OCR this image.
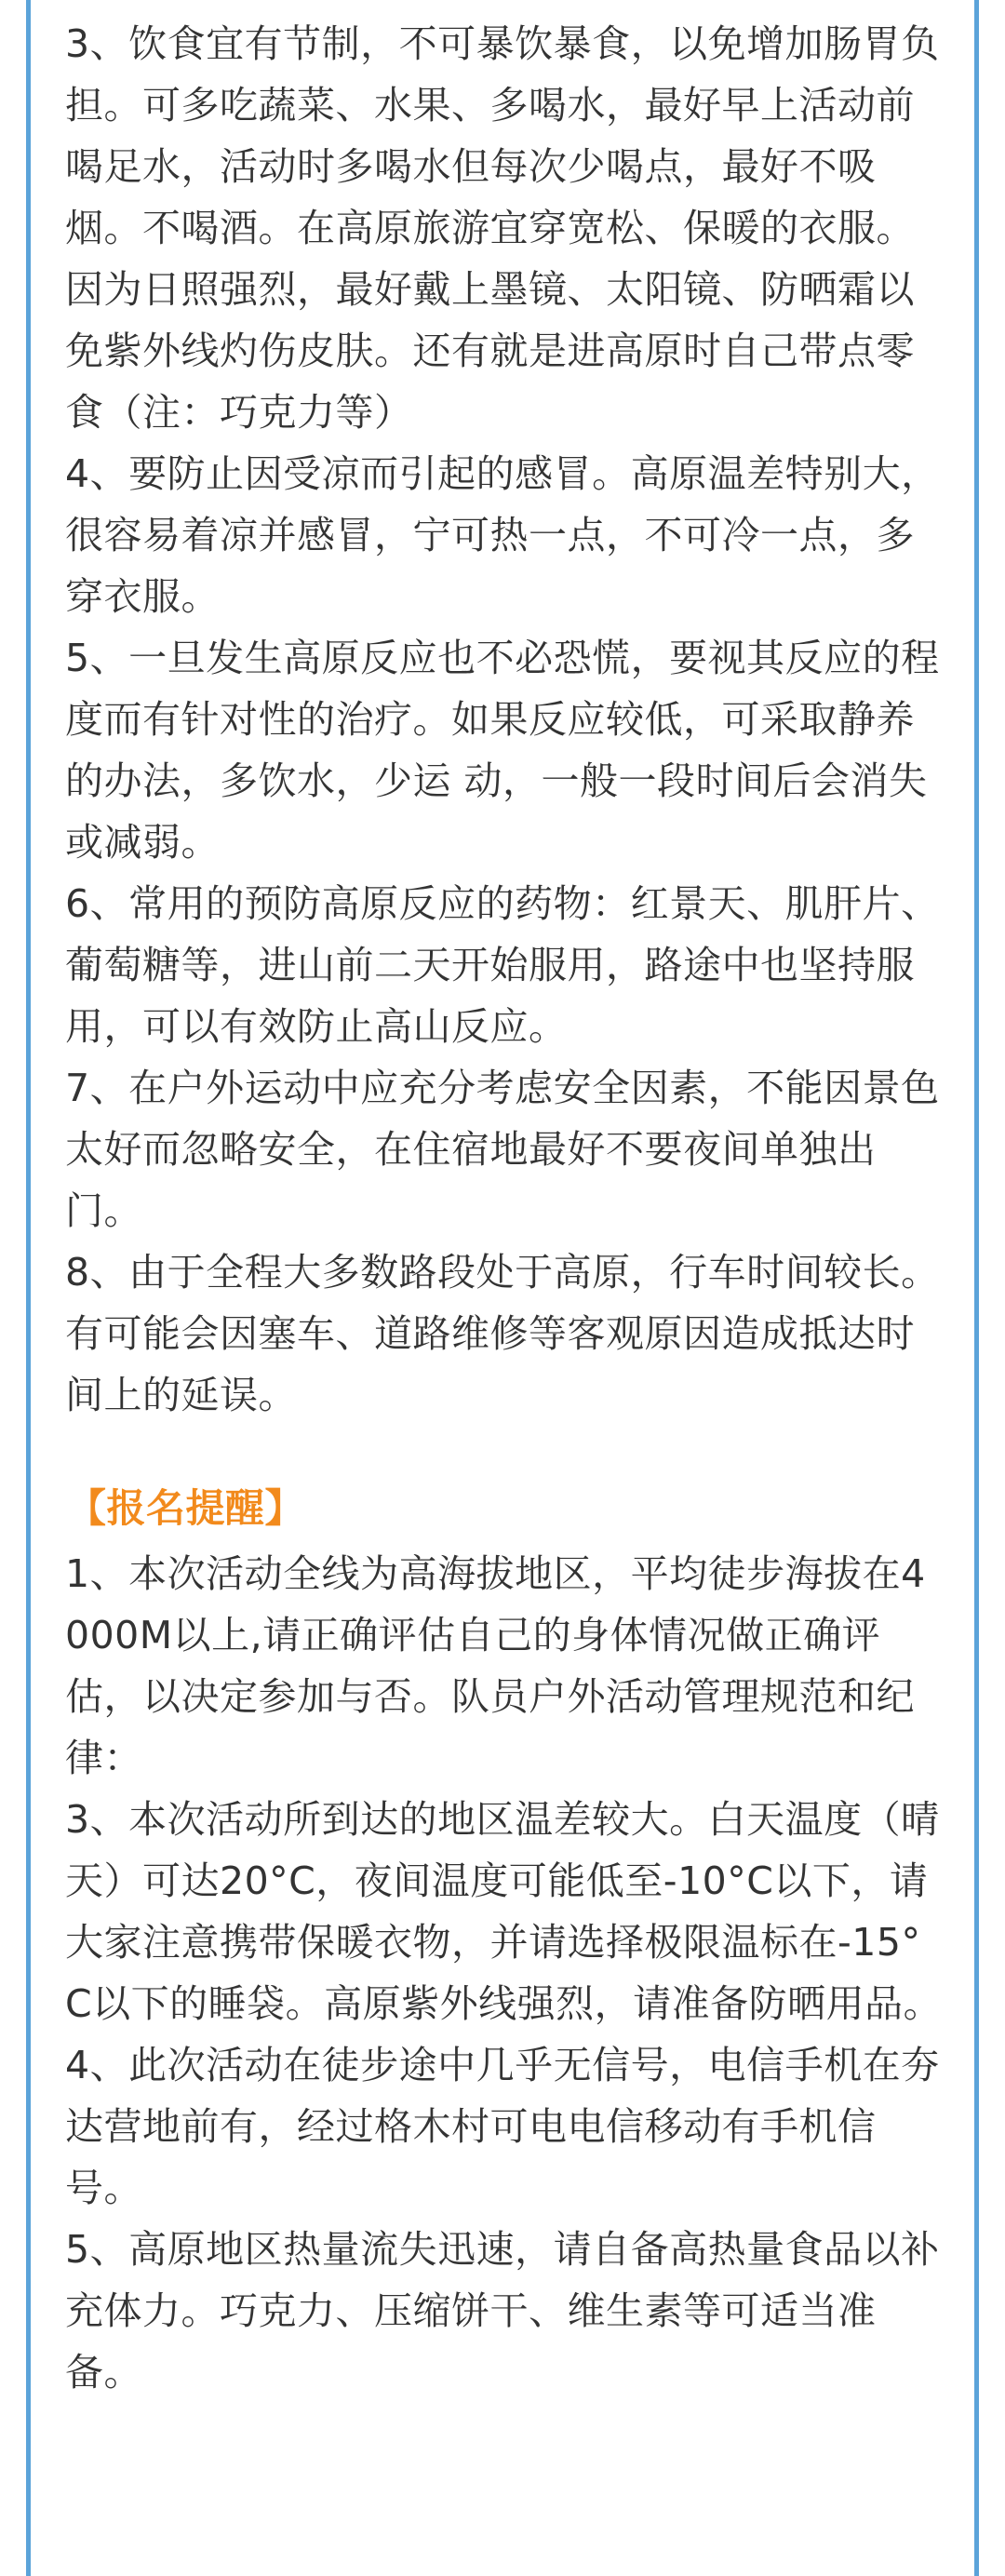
3、饮食宜有节制，不可暴饮暴食，以免增加肠胃负担。可多吃蔬菜、水果、多喝水，最好早上活动前喝足水，活动时多喝水但每次少喝点，最好不吸烟。不喝酒。在高原旅游宜穿宽松、保暖的衣服。因为日照强烈，最好戴上墨镜、太阳镜、防晒霜以免紫外线灼伤皮肤。还有就是进高原时自己带点零食（注：巧克力等）

4、要防止因受凉而引起的感冒。高原温差特别大，很容易着凉并感冒，宁可热一点，不可冷一点，多穿衣服。

5、一旦发生高原反应也不必恐慌，要视其反应的程度而有针对性的治疗。如果反应较低，可采取静养的办法，多饮水，少运 动，一般一段时间后会消失或减弱。

6、常用的预防高原反应的药物：红景天、肌肝片、葡萄糖等，进山前二天开始服用，路途中也坚持服用，可以有效防止高山反应。

7、在户外运动中应充分考虑安全因素，不能因景色太好而忽略安全，在住宿地最好不要夜间单独出门。

8、由于全程大多数路段处于高原，行车时间较长。有可能会因塞车、道路维修等客观原因造成抵达时间上的延误。

【报名提醒】

1、本次活动全线为高海拔地区，平均徒步海拔在4000M以上,请正确评估自己的身体情况做正确评估，以决定参加与否。队员户外活动管理规范和纪律：

3、本次活动所到达的地区温差较大。白天温度（晴天）可达20°C，夜间温度可能低至-10°C以下，请大家注意携带保暖衣物，并请选择极限温标在-15°C以下的睡袋。高原紫外线强烈，请准备防晒用品。

4、此次活动在徒步途中几乎无信号，电信手机在夯达营地前有，经过格木村可电电信移动有手机信号。

5、高原地区热量流失迅速，请自备高热量食品以补充体力。巧克力、压缩饼干、维生素等可适当准备。
